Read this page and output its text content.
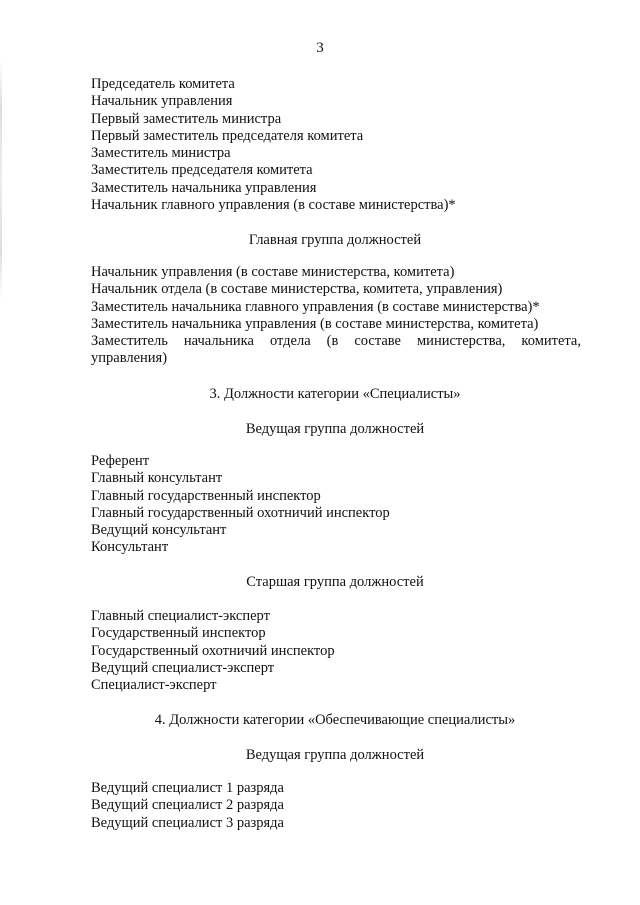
3
Председатель комитета
Начальник управления
Первый заместитель министра
Первый заместитель председателя комитета
Заместитель министра
Заместитель председателя комитета
Заместитель начальника управления
Начальник главного управления (в составе министерства)*
Главная группа должностей
Начальник управления (в составе министерства, комитета)
Начальник отдела (в составе министерства, комитета, управления)
Заместитель начальника главного управления (в составе министерства)*
Заместитель начальника управления (в составе министерства, комитета)
Заместитель начальника отдела (в составе министерства, комитета, управления)
3. Должности категории «Специалисты»
Ведущая группа должностей
Референт
Главный консультант
Главный государственный инспектор
Главный государственный охотничий инспектор
Ведущий консультант
Консультант
Старшая группа должностей
Главный специалист-эксперт
Государственный инспектор
Государственный охотничий инспектор
Ведущий специалист-эксперт
Специалист-эксперт
4. Должности категории «Обеспечивающие специалисты»
Ведущая группа должностей
Ведущий специалист 1 разряда
Ведущий специалист 2 разряда
Ведущий специалист 3 разряда
